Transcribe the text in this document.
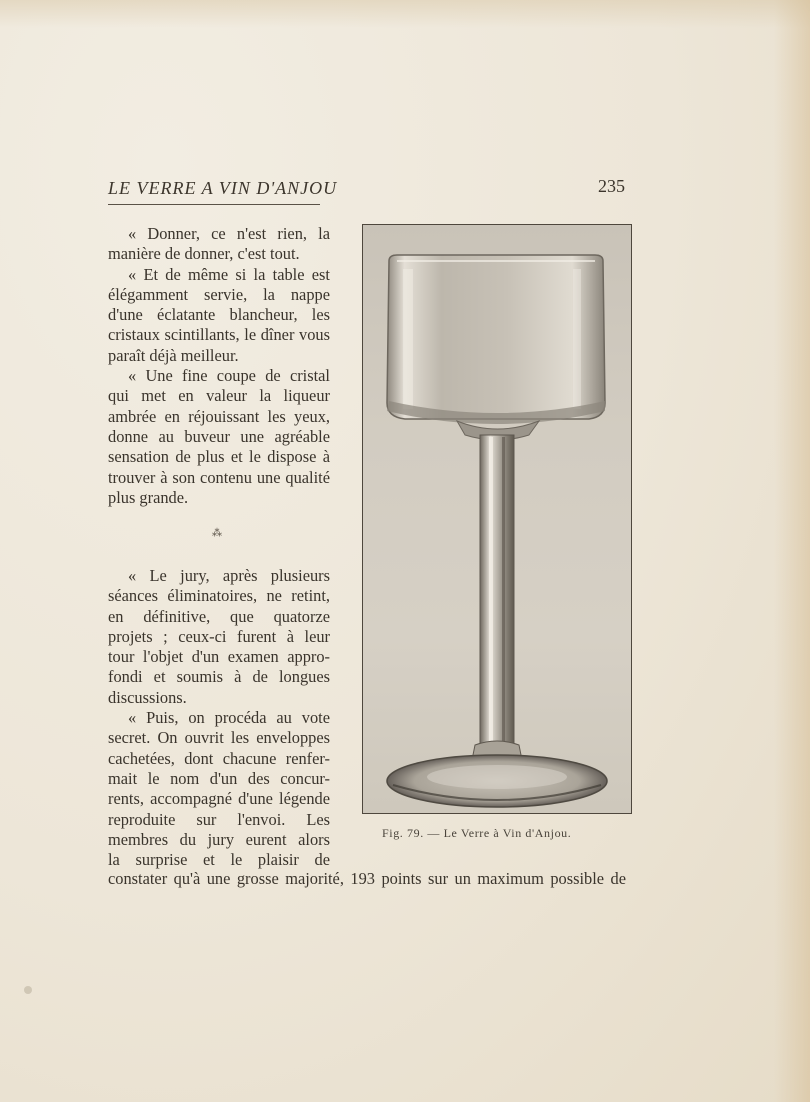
LE VERRE A VIN D'ANJOU	235
« Donner, ce n'est rien, la
manière de donner, c'est tout.
« Et de même si la table est
élégamment servie, la nappe
d'une éclatante blancheur, les
cristaux scintillants, le dîner vous
paraît déjà meilleur.
« Une fine coupe de cristal
qui met en valeur la liqueur
ambrée en réjouissant les yeux,
donne au buveur une agréable
sensation de plus et le dispose à
trouver à son contenu une qualité
plus grande.
⁂
« Le jury, après plusieurs
séances éliminatoires, ne retint,
en définitive, que quatorze
projets ; ceux-ci furent à leur
tour l'objet d'un examen appro-
fondi et soumis à de longues
discussions.
« Puis, on procéda au vote
secret. On ouvrit les enveloppes
cachetées, dont chacune renfer-
mait le nom d'un des concur-
rents, accompagné d'une légende
reproduite sur l'envoi. Les
membres du jury eurent alors
la surprise et le plaisir de
constater qu'à une grosse majorité, 193 points sur un maximum possible de
Fig. 79. — Le Verre à Vin d'Anjou.
